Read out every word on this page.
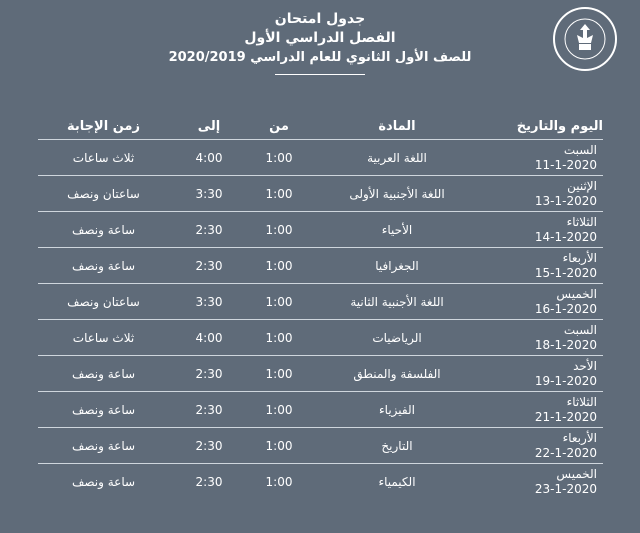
جدول امتحان
الفصل الدراسي الأول
للصف الأول الثانوي للعام الدراسي 2020/2019
اليوم والتاريخ
المادة
من
إلى
زمن الإجابة
السبت
11-1-2020
اللغة العربية
1:00
4:00
ثلاث ساعات
الإثنين
13-1-2020
اللغة الأجنبية الأولى
1:00
3:30
ساعتان ونصف
الثلاثاء
14-1-2020
الأحياء
1:00
2:30
ساعة ونصف
الأربعاء
15-1-2020
الجغرافيا
1:00
2:30
ساعة ونصف
الخميس
16-1-2020
اللغة الأجنبية الثانية
1:00
3:30
ساعتان ونصف
السبت
18-1-2020
الرياضيات
1:00
4:00
ثلاث ساعات
الأحد
19-1-2020
الفلسفة والمنطق
1:00
2:30
ساعة ونصف
الثلاثاء
21-1-2020
الفيزياء
1:00
2:30
ساعة ونصف
الأربعاء
22-1-2020
التاريخ
1:00
2:30
ساعة ونصف
الخميس
23-1-2020
الكيمياء
1:00
2:30
ساعة ونصف
